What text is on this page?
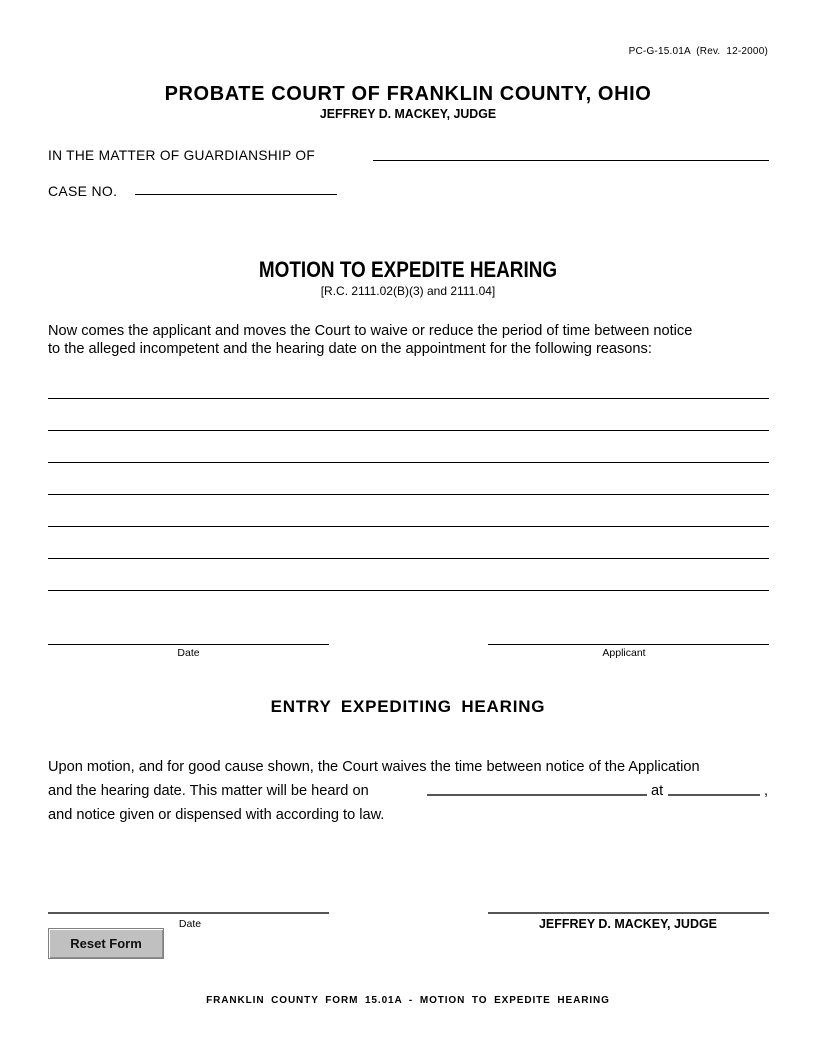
PC-G-15.01A  (Rev.  12-2000)
PROBATE COURT OF FRANKLIN COUNTY, OHIO
JEFFREY D. MACKEY, JUDGE
IN THE MATTER OF GUARDIANSHIP OF
CASE NO.
MOTION TO EXPEDITE HEARING
[R.C. 2111.02(B)(3) and 2111.04]
Now comes the applicant and moves the Court to waive or reduce the period of time between notice
to the alleged incompetent and the hearing date on the appointment for the following reasons:
Date	Applicant
ENTRY EXPEDITING HEARING
Upon motion, and for good cause shown, the Court waives the time between notice of the Application
and the hearing date. This matter will be heard on	at	,
and notice given or dispensed with according to law.
Date	JEFFREY D. MACKEY, JUDGE
Reset Form
FRANKLIN COUNTY FORM 15.01A - MOTION TO EXPEDITE HEARING
